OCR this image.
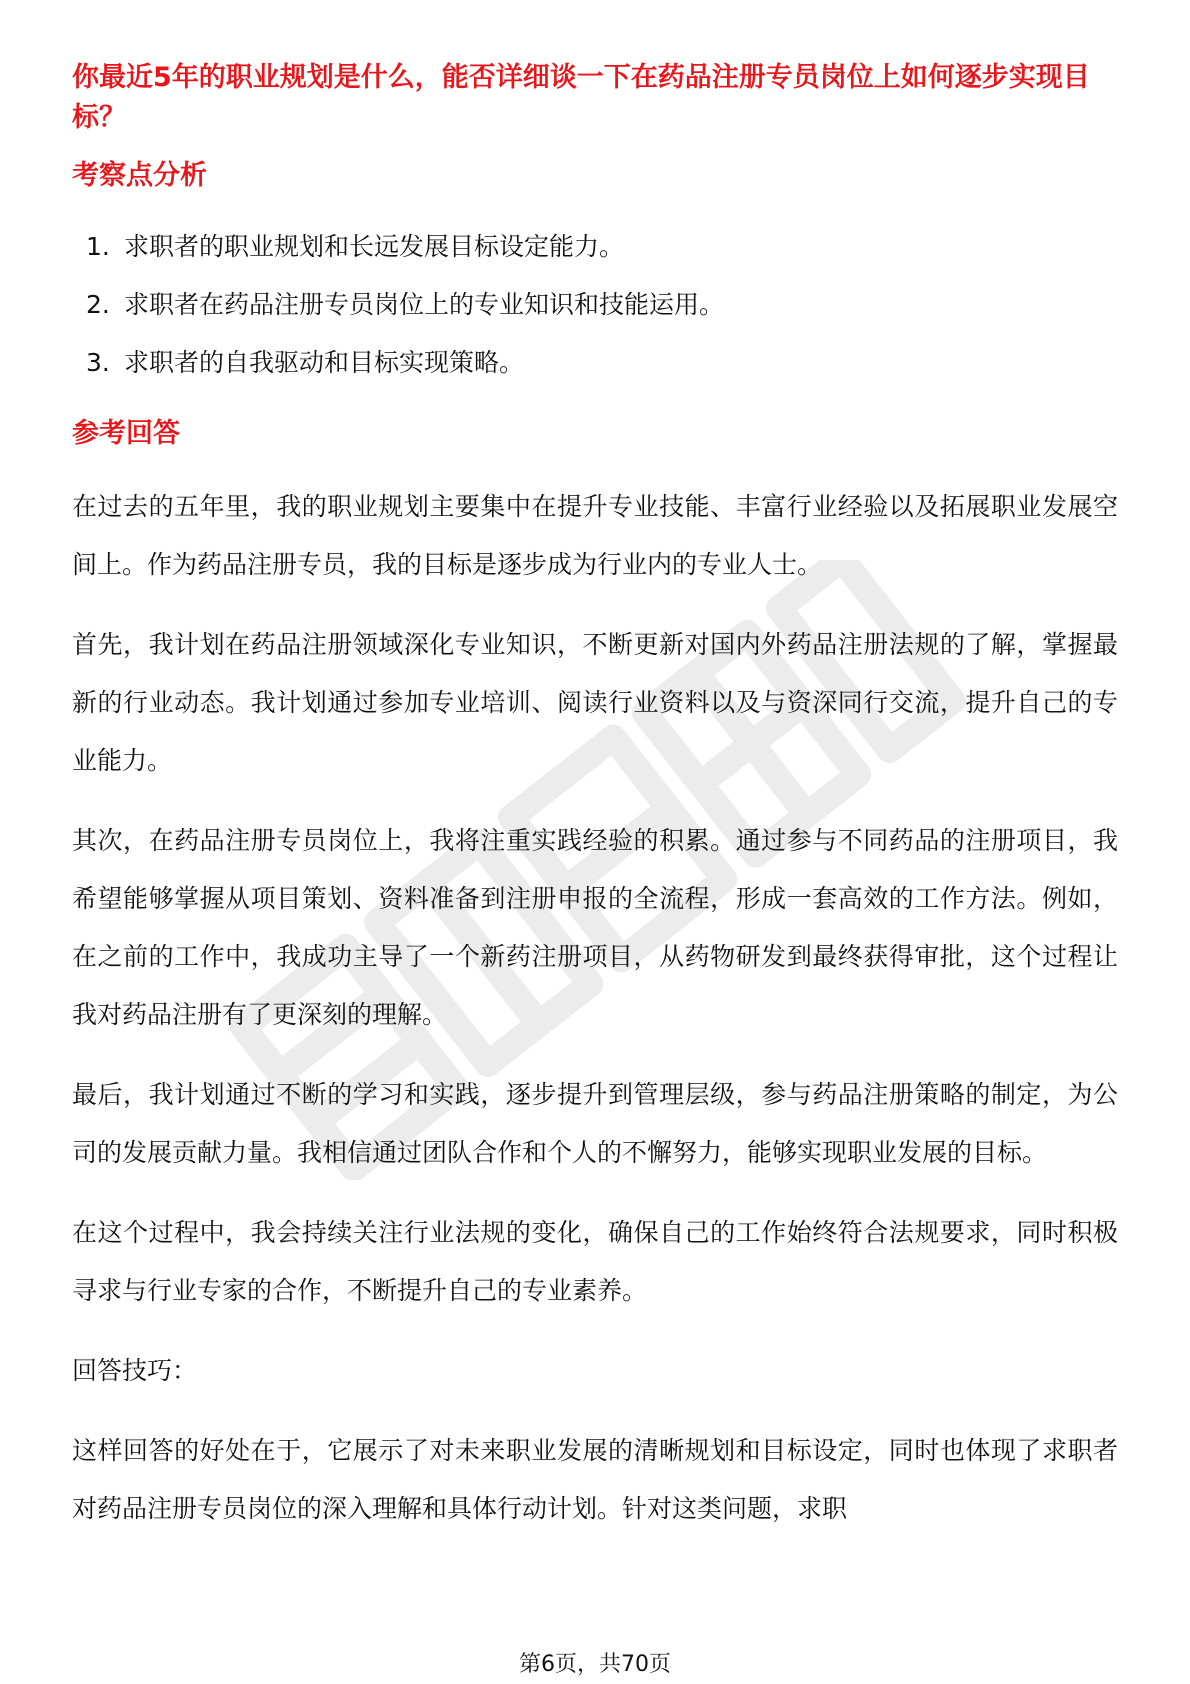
你最近5年的职业规划是什么，能否详细谈一下在药品注册专员岗位上如何逐步实现目标？
考察点分析
1. 求职者的职业规划和长远发展目标设定能力。
2. 求职者在药品注册专员岗位上的专业知识和技能运用。
3. 求职者的自我驱动和目标实现策略。
参考回答

在过去的五年里，我的职业规划主要集中在提升专业技能、丰富行业经验以及拓展职业发展空间上。作为药品注册专员，我的目标是逐步成为行业内的专业人士。

首先，我计划在药品注册领域深化专业知识，不断更新对国内外药品注册法规的了解，掌握最新的行业动态。我计划通过参加专业培训、阅读行业资料以及与资深同行交流，提升自己的专业能力。

其次，在药品注册专员岗位上，我将注重实践经验的积累。通过参与不同药品的注册项目，我希望能够掌握从项目策划、资料准备到注册申报的全流程，形成一套高效的工作方法。例如，在之前的工作中，我成功主导了一个新药注册项目，从药物研发到最终获得审批，这个过程让我对药品注册有了更深刻的理解。

最后，我计划通过不断的学习和实践，逐步提升到管理层级，参与药品注册策略的制定，为公司的发展贡献力量。我相信通过团队合作和个人的不懈努力，能够实现职业发展的目标。

在这个过程中，我会持续关注行业法规的变化，确保自己的工作始终符合法规要求，同时积极寻求与行业专家的合作，不断提升自己的专业素养。

回答技巧：

这样回答的好处在于，它展示了对未来职业发展的清晰规划和目标设定，同时也体现了求职者对药品注册专员岗位的深入理解和具体行动计划。针对这类问题，求职

第6页，共70页
